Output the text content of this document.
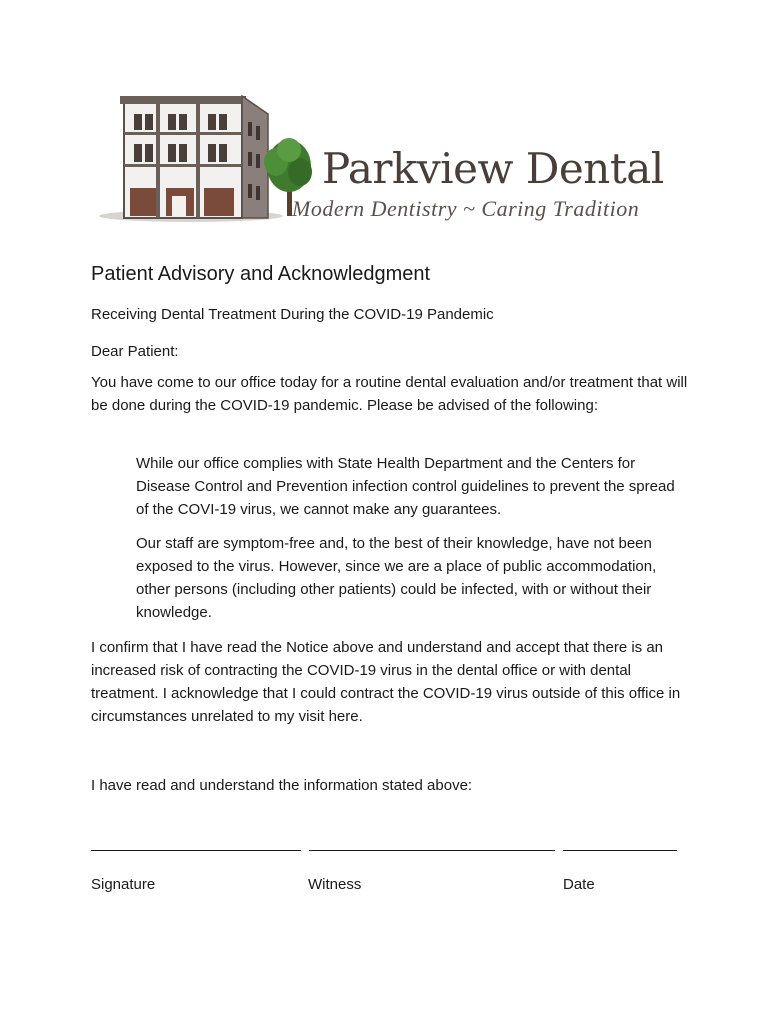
Parkview Dental
Modern Dentistry ~ Caring Tradition
Patient Advisory and Acknowledgment

Receiving Dental Treatment During the COVID-19 Pandemic

Dear Patient:

You have come to our office today for a routine dental evaluation and/or treatment that will be done during the COVID-19 pandemic. Please be advised of the following:

While our office complies with State Health Department and the Centers for Disease Control and Prevention infection control guidelines to prevent the spread of the COVI-19 virus, we cannot make any guarantees.

Our staff are symptom-free and, to the best of their knowledge, have not been exposed to the virus. However, since we are a place of public accommodation, other persons (including other patients) could be infected, with or without their knowledge.

I confirm that I have read the Notice above and understand and accept that there is an increased risk of contracting the COVID-19 virus in the dental office or with dental treatment. I acknowledge that I could contract the COVID-19 virus outside of this office in circumstances unrelated to my visit here.

I have read and understand the information stated above:

Signature	Witness	Date
